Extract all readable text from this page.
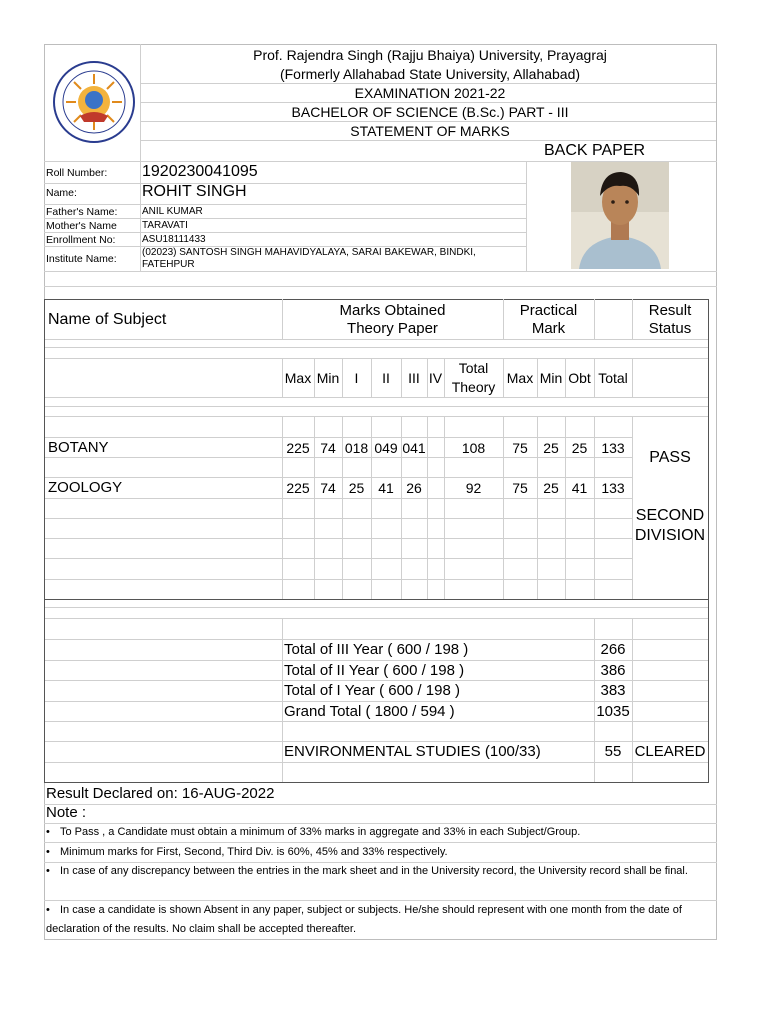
Prof. Rajendra Singh (Rajju Bhaiya) University, Prayagraj
(Formerly Allahabad State University, Allahabad)
EXAMINATION 2021-22
BACHELOR OF SCIENCE (B.Sc.) PART - III
STATEMENT OF MARKS
BACK PAPER
Roll Number: 1920230041095
Name:	ROHIT SINGH
Father's Name: ANIL KUMAR
Mother's Name	TARAVATI
Enrollment No:	ASU18111433
Institute Name:
(02023) SANTOSH SINGH MAHAVIDYALAYA, SARAI BAKEWAR, BINDKI,
FATEHPUR
Name of Subject
Marks Obtained
Theory Paper
Practical
Mark
Result
Status
Max Min	I	II	III IV
Total
Theory
Max Min Obt Total
BOTANY	225 74 018 049 041	108	75	25 25	133
ZOOLOGY	225 74 25 41 26	92	75	25 41	133
PASS
SECOND
DIVISION
Total of III Year ( 600 / 198 )	266
Total of II Year ( 600 / 198 )	386
Total of I Year ( 600 / 198 )	383
Grand Total ( 1800 / 594 )	1035
ENVIRONMENTAL STUDIES (100/33)	55 CLEARED
Result Declared on: 16-AUG-2022
Note :
• To Pass , a Candidate must obtain a minimum of 33% marks in aggregate and 33% in each Subject/Group.
• Minimum marks for First, Second, Third Div. is 60%, 45% and 33% respectively.
• In case of any discrepancy between the entries in the mark sheet and in the University record, the University record shall be final.
• In case a candidate is shown Absent in any paper, subject or subjects. He/she should represent with one month from the date of declaration of the results. No claim shall be accepted thereafter.
